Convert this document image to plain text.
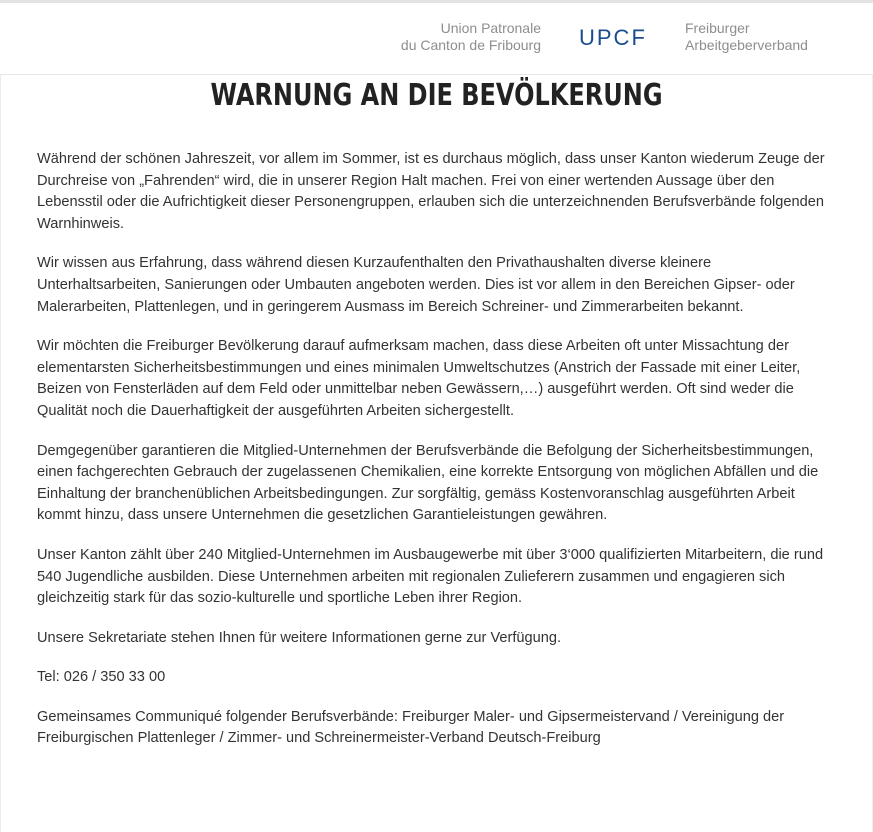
Union Patronale
du Canton de Fribourg UPCF	Freiburger
Arbeitgeberverband
WARNUNG AN DIE BEVÖLKERUNG

Während der schönen Jahreszeit, vor allem im Sommer, ist es durchaus möglich, dass unser Kanton wiederum Zeuge der Durchreise von „Fahrenden“ wird, die in unserer Region Halt machen. Frei von einer wertenden Aussage über den Lebensstil oder die Aufrichtigkeit dieser Personengruppen, erlauben sich die unterzeichnenden Berufsverbände folgenden Warnhinweis.

Wir wissen aus Erfahrung, dass während diesen Kurzaufenthalten den Privathaushalten diverse kleinere Unterhaltsarbeiten, Sanierungen oder Umbauten angeboten werden. Dies ist vor allem in den Bereichen Gipser- oder Malerarbeiten, Plattenlegen, und in geringerem Ausmass im Bereich Schreiner- und Zimmerarbeiten bekannt.

Wir möchten die Freiburger Bevölkerung darauf aufmerksam machen, dass diese Arbeiten oft unter Missachtung der elementarsten Sicherheitsbestimmungen und eines minimalen Umweltschutzes (Anstrich der Fassade mit einer Leiter, Beizen von Fensterläden auf dem Feld oder unmittelbar neben Gewässern,…) ausgeführt werden. Oft sind weder die Qualität noch die Dauerhaftigkeit der ausgeführten Arbeiten sichergestellt.

Demgegenüber garantieren die Mitglied-Unternehmen der Berufsverbände die Befolgung der Sicherheitsbestimmungen, einen fachgerechten Gebrauch der zugelassenen Chemikalien, eine korrekte Entsorgung von möglichen Abfällen und die Einhaltung der branchenüblichen Arbeitsbedingungen. Zur sorgfältig, gemäss Kostenvoranschlag ausgeführten Arbeit kommt hinzu, dass unsere Unternehmen die gesetzlichen Garantieleistungen gewähren.

Unser Kanton zählt über 240 Mitglied-Unternehmen im Ausbaugewerbe mit über 3‘000 qualifizierten Mitarbeitern, die rund 540 Jugendliche ausbilden. Diese Unternehmen arbeiten mit regionalen Zulieferern zusammen und engagieren sich gleichzeitig stark für das sozio-kulturelle und sportliche Leben ihrer Region.

Unsere Sekretariate stehen Ihnen für weitere Informationen gerne zur Verfügung.

Tel: 026 / 350 33 00

Gemeinsames Communiqué folgender Berufsverbände: Freiburger Maler- und Gipsermeistervand / Vereinigung der Freiburgischen Plattenleger / Zimmer- und Schreinermeister-Verband Deutsch-Freiburg
